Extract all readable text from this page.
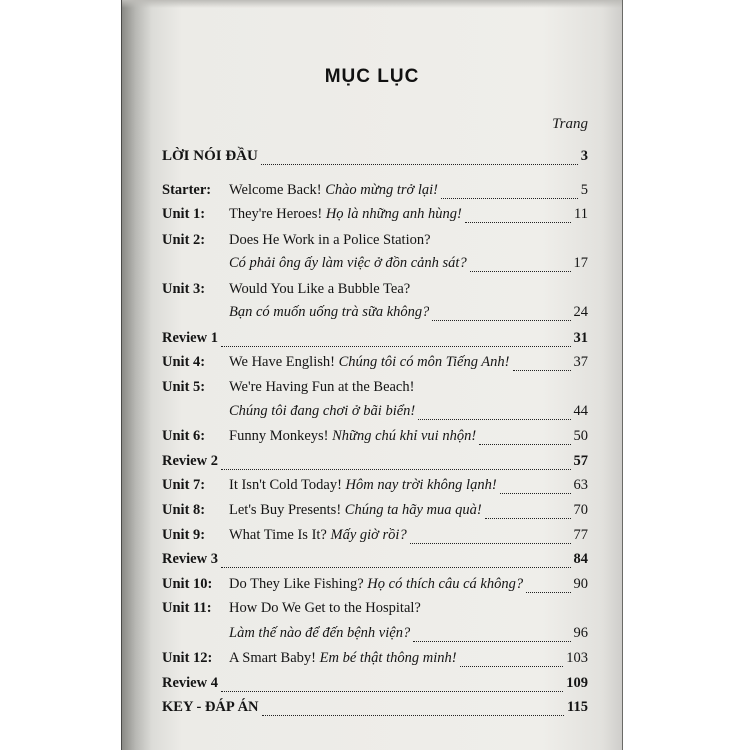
MỤC LỤC
Trang
LỜI NÓI ĐẦU	3
Starter:	Welcome Back! Chào mừng trở lại!	5
Unit 1:	They're Heroes! Họ là những anh hùng!	11
Unit 2:	Does He Work in a Police Station?
Có phải ông ấy làm việc ở đồn cảnh sát?	17
Unit 3:	Would You Like a Bubble Tea?
Bạn có muốn uống trà sữa không?	24
Review 1	31
Unit 4:	We Have English! Chúng tôi có môn Tiếng Anh!	37
Unit 5:	We're Having Fun at the Beach!
Chúng tôi đang chơi ở bãi biển!	44
Unit 6:	Funny Monkeys! Những chú khỉ vui nhộn!	50
Review 2	57
Unit 7:	It Isn't Cold Today! Hôm nay trời không lạnh!	63
Unit 8:	Let's Buy Presents! Chúng ta hãy mua quà!	70
Unit 9:	What Time Is It? Mấy giờ rồi?	77
Review 3	84
Unit 10:	Do They Like Fishing? Họ có thích câu cá không?	90
Unit 11:	How Do We Get to the Hospital?
Làm thế nào để đến bệnh viện?	96
Unit 12:	A Smart Baby! Em bé thật thông minh!	103
Review 4	109
KEY - ĐÁP ÁN	115
